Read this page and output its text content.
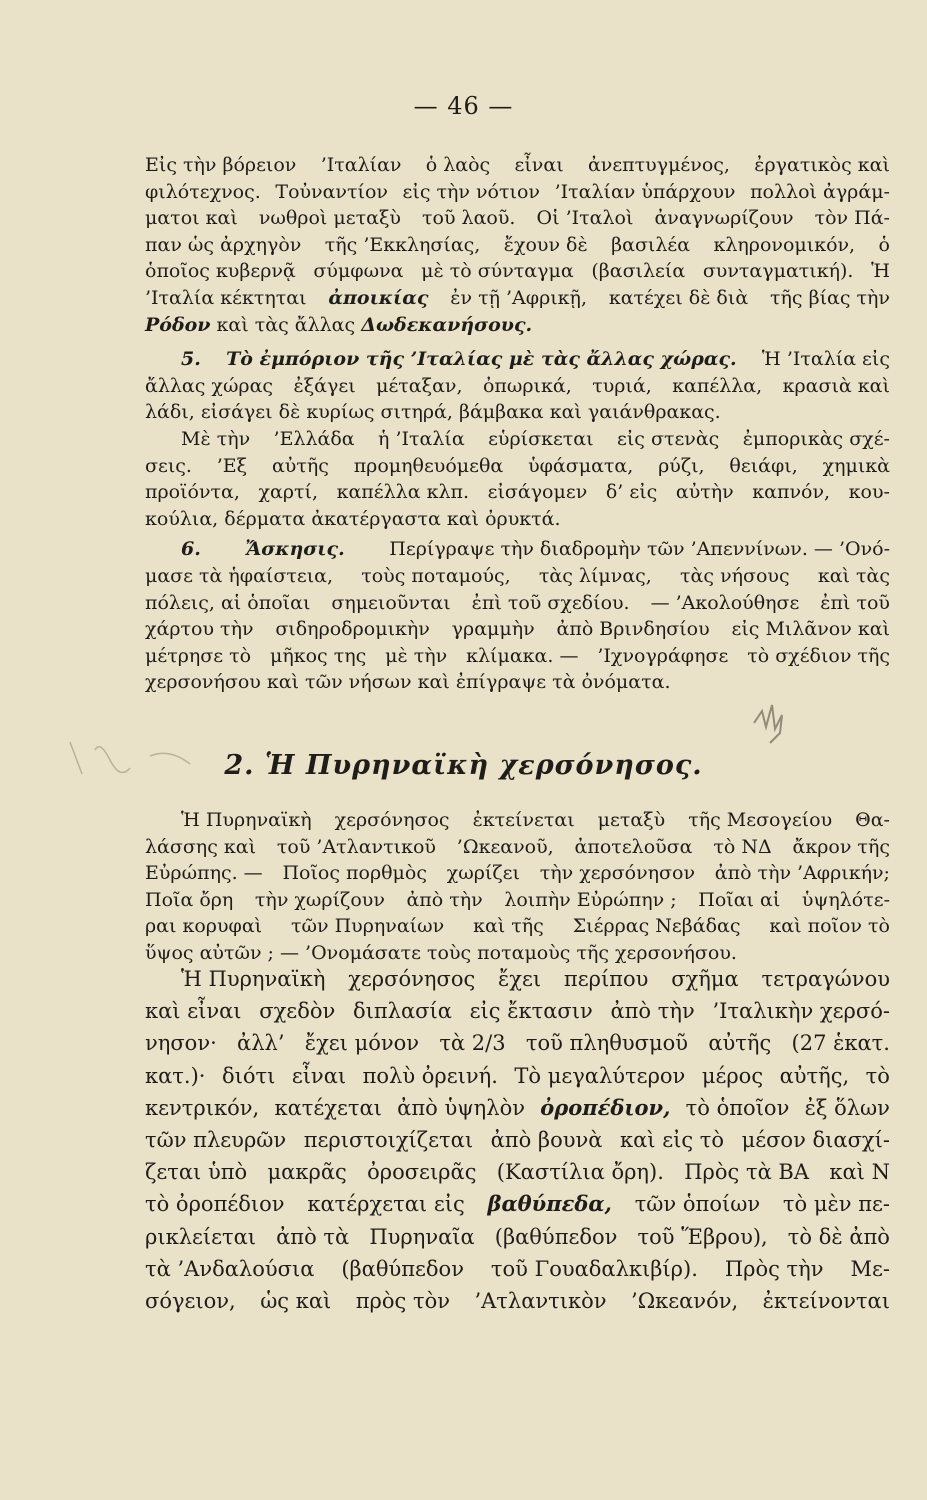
— 46 —
Εἰς τὴν βόρειον ’Ιταλίαν ὁ λαὸς εἶναι ἀνεπτυγμένος, ἐργατικὸς καὶ
φιλότεχνος. Τοὐναντίον εἰς τὴν νότιον ’Ιταλίαν ὑπάρχουν πολλοὶ ἀγράμ-
ματοι καὶ νωθροὶ μεταξὺ τοῦ λαοῦ. Οἱ ’Ιταλοὶ ἀναγνωρίζουν τὸν Πά-
παν ὡς ἀρχηγὸν τῆς ’Εκκλησίας, ἔχουν δὲ βασιλέα κληρονομικόν, ὁ
ὁποῖος κυβερνᾷ σύμφωνα μὲ τὸ σύνταγμα (βασιλεία συνταγματική). Ἡ
’Ιταλία κέκτηται ἀποικίας ἐν τῇ ’Αφρικῇ, κατέχει δὲ διὰ τῆς βίας τὴν
Ρόδον
καὶ τὰς ἄλλας
Δωδεκανήσους.
5. Τὸ ἐμπόριον τῆς ’Ιταλίας μὲ τὰς ἄλλας χώρας. Ἡ ’Ιταλία εἰς
ἄλλας χώρας ἐξάγει μέταξαν, ὀπωρικά, τυριά, καπέλλα, κρασιὰ καὶ
λάδι, εἰσάγει
δὲ κυρίως
σιτηρά,
βάμβακα
καὶ γαιάνθρακας.
Μὲ τὴν ’Ελλάδα ἡ ’Ιταλία εὑρίσκεται εἰς στενὰς ἐμπορικὰς σχέ-
σεις. ’Εξ αὐτῆς προμηθευόμεθα ὑφάσματα, ρύζι, θειάφι, χημικὰ
προϊόντα, χαρτί, καπέλλα κλπ. εἰσάγομεν δ’ εἰς αὐτὴν καπνόν, κου-
κούλια,
δέρματα
ἀκατέργαστα
καὶ ὀρυκτά.
6. Ἄσκησις. Περίγραψε τὴν διαδρομὴν τῶν ’Απεννίνων. — ’Ονό-
μασε τὰ ἡφαίστεια, τοὺς ποταμούς, τὰς λίμνας, τὰς νήσους καὶ τὰς
πόλεις, αἱ ὁποῖαι σημειοῦνται ἐπὶ τοῦ σχεδίου. — ’Ακολούθησε ἐπὶ τοῦ
χάρτου τὴν σιδηροδρομικὴν γραμμὴν ἀπὸ Βρινδησίου εἰς Μιλᾶνον καὶ
μέτρησε τὸ μῆκος της μὲ τὴν κλίμακα. — ’Ιχνογράφησε τὸ σχέδιον τῆς
χερσονήσου καὶ τῶν νήσων καὶ ἐπίγραψε τὰ ὀνόματα.
2. Ἡ Πυρηναϊκὴ χερσόνησος.
Ἡ Πυρηναϊκὴ χερσόνησος ἐκτείνεται μεταξὺ τῆς Μεσογείου Θα-
λάσσης καὶ τοῦ ’Ατλαντικοῦ ’Ωκεανοῦ, ἀποτελοῦσα τὸ ΝΔ ἄκρον τῆς
Εὐρώπης. — Ποῖος πορθμὸς χωρίζει τὴν χερσόνησον ἀπὸ τὴν ’Αφρικήν;
Ποῖα ὄρη τὴν χωρίζουν ἀπὸ τὴν λοιπὴν Εὐρώπην ; Ποῖαι αἱ ὑψηλότε-
ραι κορυφαὶ τῶν Πυρηναίων καὶ τῆς Σιέρρας Νεβάδας καὶ ποῖον τὸ
ὕψος αὐτῶν ; — ’Ονομάσατε τοὺς ποταμοὺς τῆς χερσονήσου.
Ἡ Πυρηναϊκὴ χερσόνησος ἔχει περίπου σχῆμα τετραγώνου
καὶ εἶναι σχεδὸν διπλασία εἰς ἔκτασιν ἀπὸ τὴν ’Ιταλικὴν χερσό-
νησον· ἀλλ’ ἔχει μόνον τὰ 2/3 τοῦ πληθυσμοῦ αὐτῆς (27 ἑκατ.
κατ.)· διότι εἶναι πολὺ ὀρεινή. Τὸ μεγαλύτερον μέρος αὐτῆς, τὸ
κεντρικόν, κατέχεται ἀπὸ ὑψηλὸν ὀροπέδιον, τὸ ὁποῖον ἐξ ὅλων
τῶν πλευρῶν περιστοιχίζεται ἀπὸ βουνὰ καὶ εἰς τὸ μέσον διασχί-
ζεται ὑπὸ μακρᾶς ὀροσειρᾶς (Καστίλια ὄρη). Πρὸς τὰ ΒΑ καὶ Ν
τὸ ὀροπέδιον κατέρχεται εἰς βαθύπεδα, τῶν ὁποίων τὸ μὲν πε-
ρικλείεται ἀπὸ τὰ Πυρηναῖα (βαθύπεδον τοῦ Ἕβρου), τὸ δὲ ἀπὸ
τὰ ’Ανδαλούσια (βαθύπεδον τοῦ Γουαδαλκιβίρ). Πρὸς τὴν Με-
σόγειον, ὡς καὶ πρὸς τὸν ’Ατλαντικὸν ’Ωκεανόν, ἐκτείνονται
